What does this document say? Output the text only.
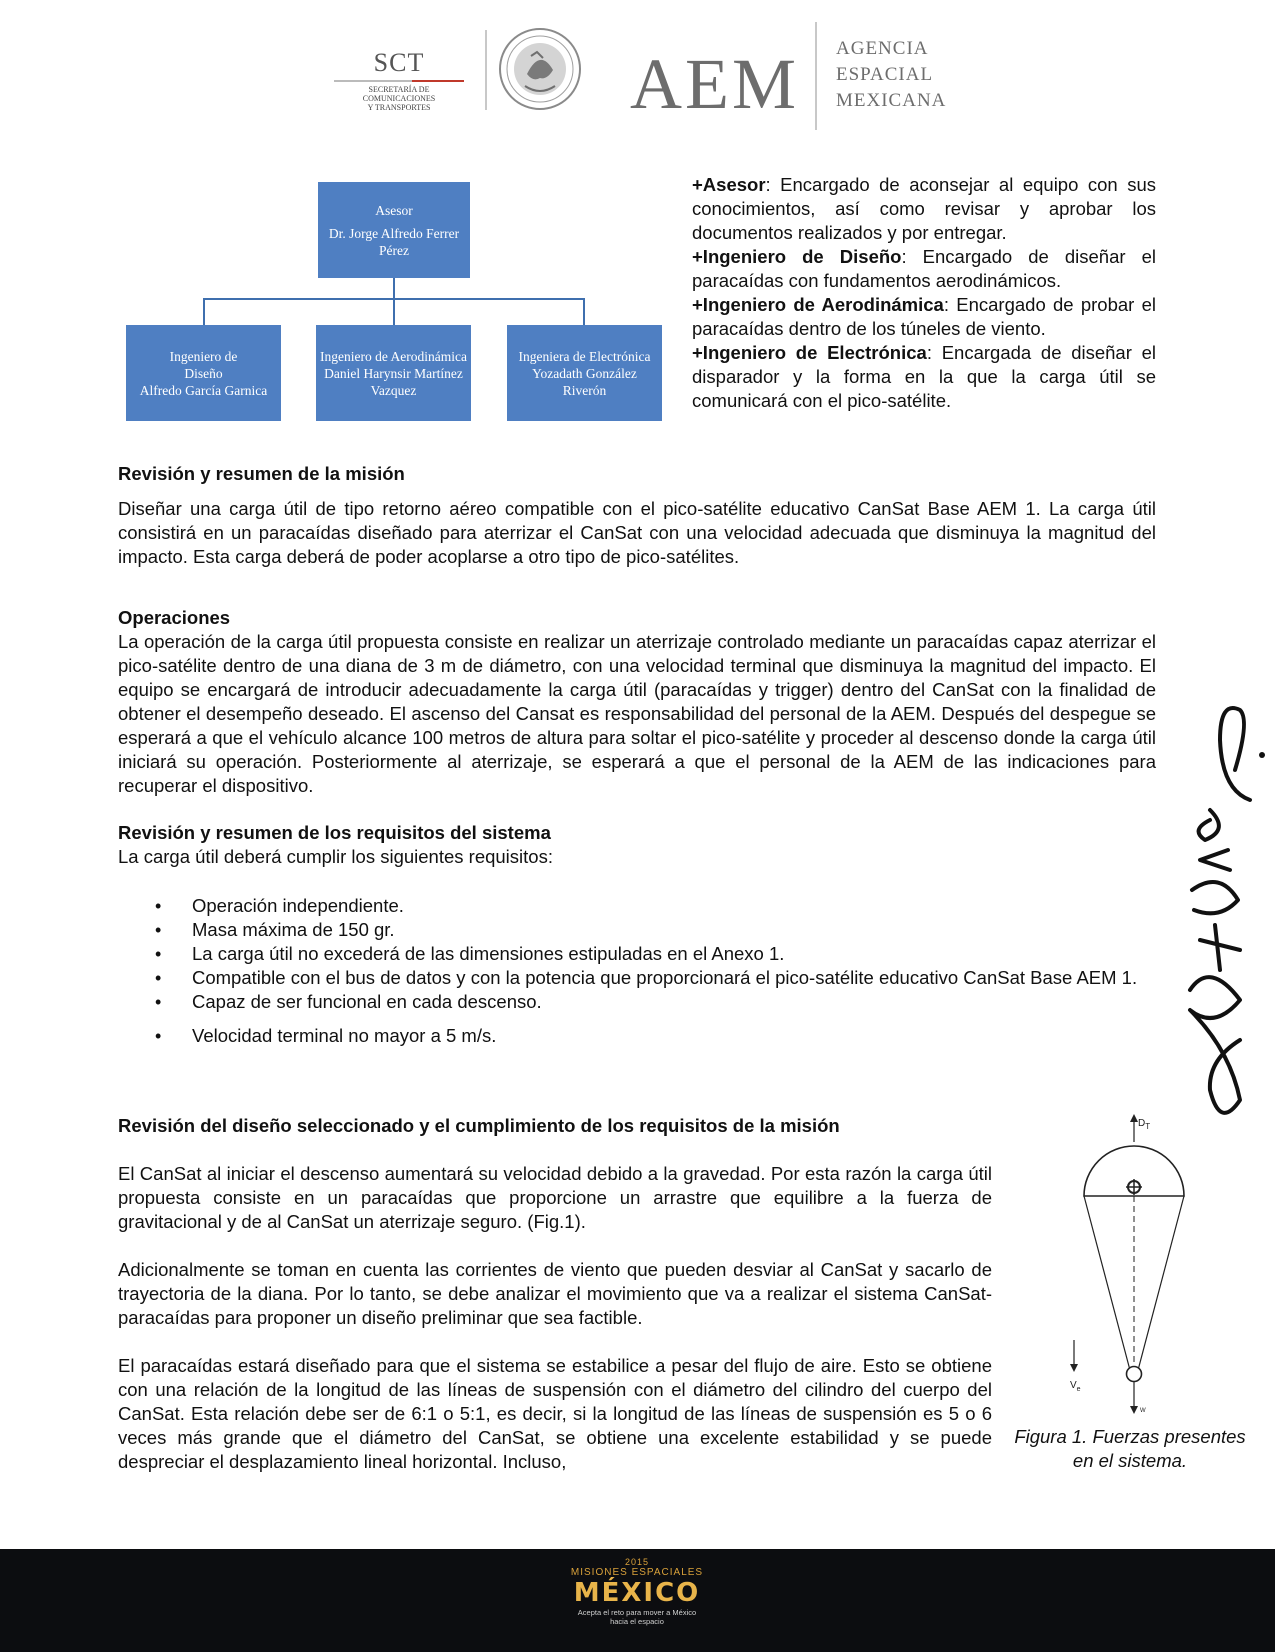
SCT
SECRETARÍA DE
COMUNICACIONES
Y TRANSPORTES	AEM AGENCIA
ESPACIAL
MEXICANA
Asesor
Dr. Jorge Alfredo Ferrer Pérez
Ingeniero de
Diseño
Alfredo García Garnica
Ingeniero de Aerodinámica
Daniel Harynsir Martínez
Vazquez
Ingeniera de Electrónica
Yozadath González Riverón

+Asesor: Encargado de aconsejar al equipo con sus conocimientos, así como revisar y aprobar los documentos realizados y por entregar.

+Ingeniero de Diseño: Encargado de diseñar el paracaídas con fundamentos aerodinámicos.

+Ingeniero de Aerodinámica: Encargado de probar el paracaídas dentro de los túneles de viento.

+Ingeniero de Electrónica: Encargada de diseñar el disparador y la forma en la que la carga útil se comunicará con el pico-satélite.

Revisión y resumen de la misión
Diseñar una carga útil de tipo retorno aéreo compatible con el pico-satélite educativo CanSat Base AEM 1. La carga útil consistirá en un paracaídas diseñado para aterrizar el CanSat con una velocidad adecuada que disminuya la magnitud del impacto. Esta carga deberá de poder acoplarse a otro tipo de pico-satélites.
Operaciones
La operación de la carga útil propuesta consiste en realizar un aterrizaje controlado mediante un paracaídas capaz aterrizar el pico-satélite dentro de una diana de 3 m de diámetro, con una velocidad terminal que disminuya la magnitud del impacto. El equipo se encargará de introducir adecuadamente la carga útil (paracaídas y trigger) dentro del CanSat con la finalidad de obtener el desempeño deseado. El ascenso del Cansat es responsabilidad del personal de la AEM. Después del despegue se esperará a que el vehículo alcance 100 metros de altura para soltar el pico-satélite y proceder al descenso donde la carga útil iniciará su operación. Posteriormente al aterrizaje, se esperará a que el personal de la AEM de las indicaciones para recuperar el dispositivo.
Revisión y resumen de los requisitos del sistema
La carga útil deberá cumplir los siguientes requisitos:
• Operación independiente.
• Masa máxima de 150 gr.
• La carga útil no excederá de las dimensiones estipuladas en el Anexo 1.
• Compatible con el bus de datos y con la potencia que proporcionará el pico-satélite educativo CanSat Base AEM 1.
• Capaz de ser funcional en cada descenso.
• Velocidad terminal no mayor a 5 m/s.
Revisión del diseño seleccionado y el cumplimiento de los requisitos de la misión
El CanSat al iniciar el descenso aumentará su velocidad debido a la gravedad. Por esta razón la carga útil propuesta consiste en un paracaídas que proporcione un arrastre que equilibre a la fuerza de gravitacional y de al CanSat un aterrizaje seguro. (Fig.1).
Adicionalmente se toman en cuenta las corrientes de viento que pueden desviar al CanSat y sacarlo de trayectoria de la diana. Por lo tanto, se debe analizar el movimiento que va a realizar el sistema CanSat-paracaídas para proponer un diseño preliminar que sea factible.
El paracaídas estará diseñado para que el sistema se estabilice a pesar del flujo de aire. Esto se obtiene con una relación de la longitud de las líneas de suspensión con el diámetro del cilindro del cuerpo del CanSat. Esta relación debe ser de 6:1 o 5:1, es decir, si la longitud de las líneas de suspensión es 5 o 6 veces más grande que el diámetro del CanSat, se obtiene una excelente estabilidad y se puede despreciar el desplazamiento lineal horizontal. Incluso,
$D_T$
$V_e$
W
Figura 1. Fuerzas presentes en el sistema.
2015
MISIONES ESPACIALES
MÉXICO
Acepta el reto para mover a México
hacia el espacio
